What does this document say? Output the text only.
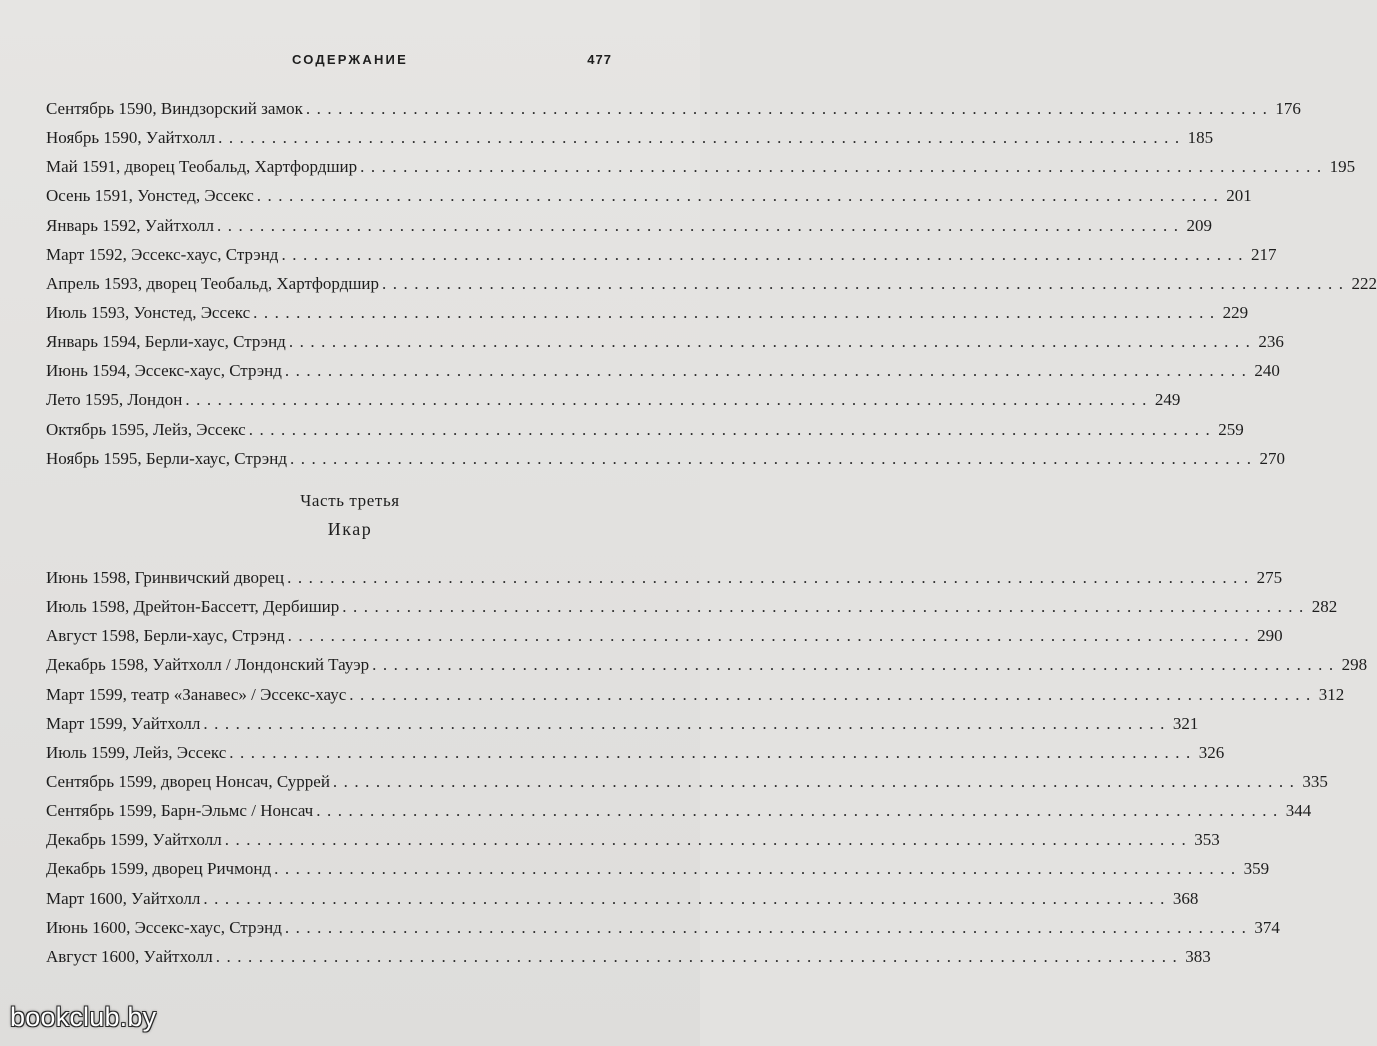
СОДЕРЖАНИЕ	477
Сентябрь 1590, Виндзорский замок .......................................................................................... 176
Ноябрь 1590, Уайтхолл .......................................................................................... 185
Май 1591, дворец Теобальд, Хартфордшир .......................................................................................... 195
Осень 1591, Уонстед, Эссекс .......................................................................................... 201
Январь 1592, Уайтхолл .......................................................................................... 209
Март 1592, Эссекс-хаус, Стрэнд .......................................................................................... 217
Апрель 1593, дворец Теобальд, Хартфордшир .......................................................................................... 222
Июль 1593, Уонстед, Эссекс .......................................................................................... 229
Январь 1594, Берли-хаус, Стрэнд .......................................................................................... 236
Июнь 1594, Эссекс-хаус, Стрэнд .......................................................................................... 240
Лето 1595, Лондон .......................................................................................... 249
Октябрь 1595, Лейз, Эссекс .......................................................................................... 259
Ноябрь 1595, Берли-хаус, Стрэнд .......................................................................................... 270
Часть третья
Икар
Июнь 1598, Гринвичский дворец .......................................................................................... 275
Июль 1598, Дрейтон-Бассетт, Дербишир .......................................................................................... 282
Август 1598, Берли-хаус, Стрэнд .......................................................................................... 290
Декабрь 1598, Уайтхолл / Лондонский Тауэр .......................................................................................... 298
Март 1599, театр «Занавес» / Эссекс-хаус .......................................................................................... 312
Март 1599, Уайтхолл .......................................................................................... 321
Июль 1599, Лейз, Эссекс .......................................................................................... 326
Сентябрь 1599, дворец Нонсач, Суррей .......................................................................................... 335
Сентябрь 1599, Барн-Эльмс / Нонсач .......................................................................................... 344
Декабрь 1599, Уайтхолл .......................................................................................... 353
Декабрь 1599, дворец Ричмонд .......................................................................................... 359
Март 1600, Уайтхолл .......................................................................................... 368
Июнь 1600, Эссекс-хаус, Стрэнд .......................................................................................... 374
Август 1600, Уайтхолл .......................................................................................... 383
bookclub.by
